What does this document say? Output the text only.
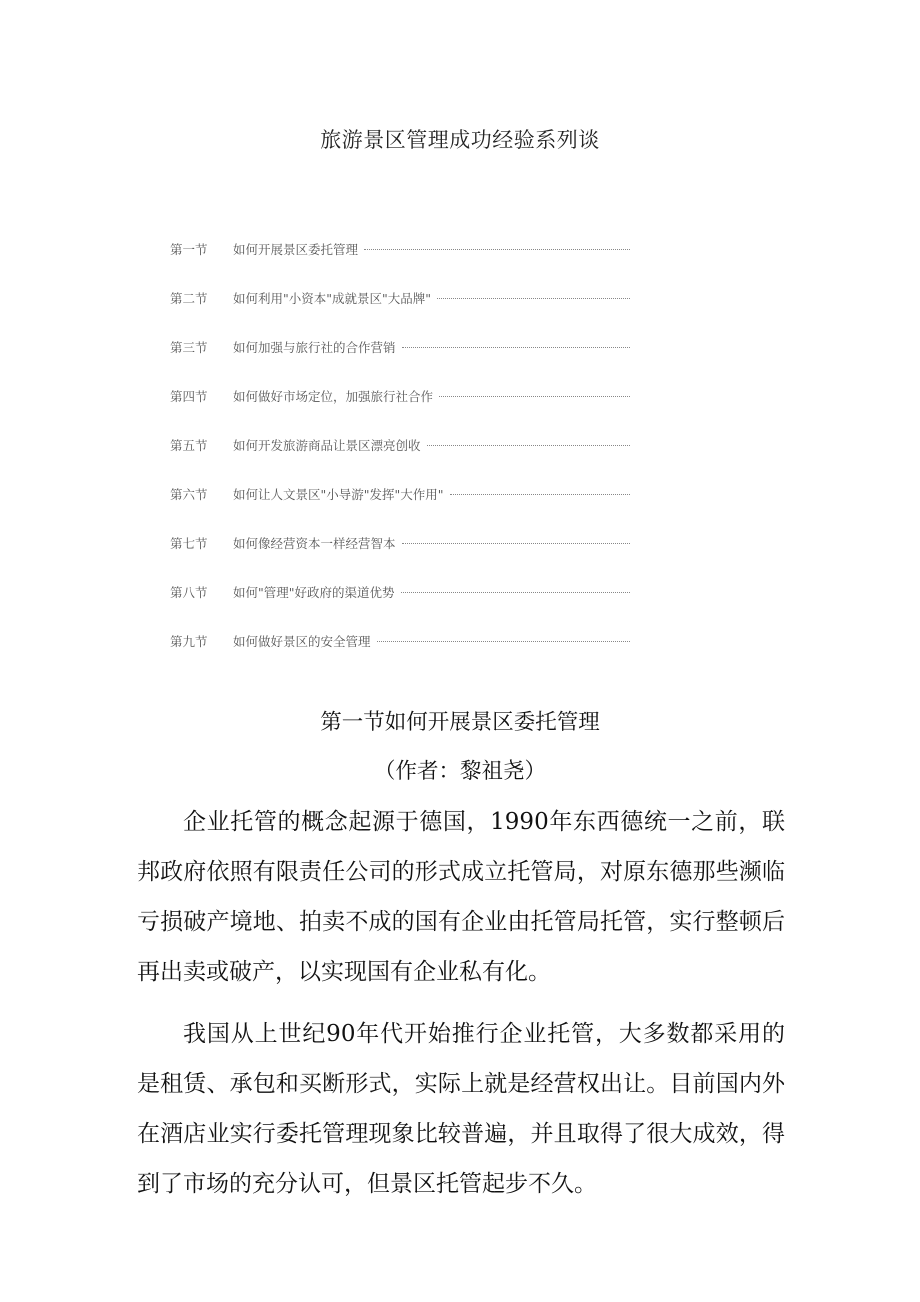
旅游景区管理成功经验系列谈
第一节	如何开展景区委托管理
第二节	如何利用"小资本"成就景区"大品牌"
第三节	如何加强与旅行社的合作营销
第四节	如何做好市场定位，加强旅行社合作
第五节	如何开发旅游商品让景区漂亮创收
第六节	如何让人文景区"小导游"发挥"大作用"
第七节	如何像经营资本一样经营智本
第八节	如何"管理"好政府的渠道优势
第九节	如何做好景区的安全管理
第一节如何开展景区委托管理
（作者：黎祖尧）

企业托管的概念起源于德国，1990年东西德统一之前，联邦政府依照有限责任公司的形式成立托管局，对原东德那些濒临亏损破产境地、拍卖不成的国有企业由托管局托管，实行整顿后再出卖或破产，以实现国有企业私有化。

我国从上世纪90年代开始推行企业托管，大多数都采用的是租赁、承包和买断形式，实际上就是经营权出让。目前国内外在酒店业实行委托管理现象比较普遍，并且取得了很大成效，得到了市场的充分认可，但景区托管起步不久。
